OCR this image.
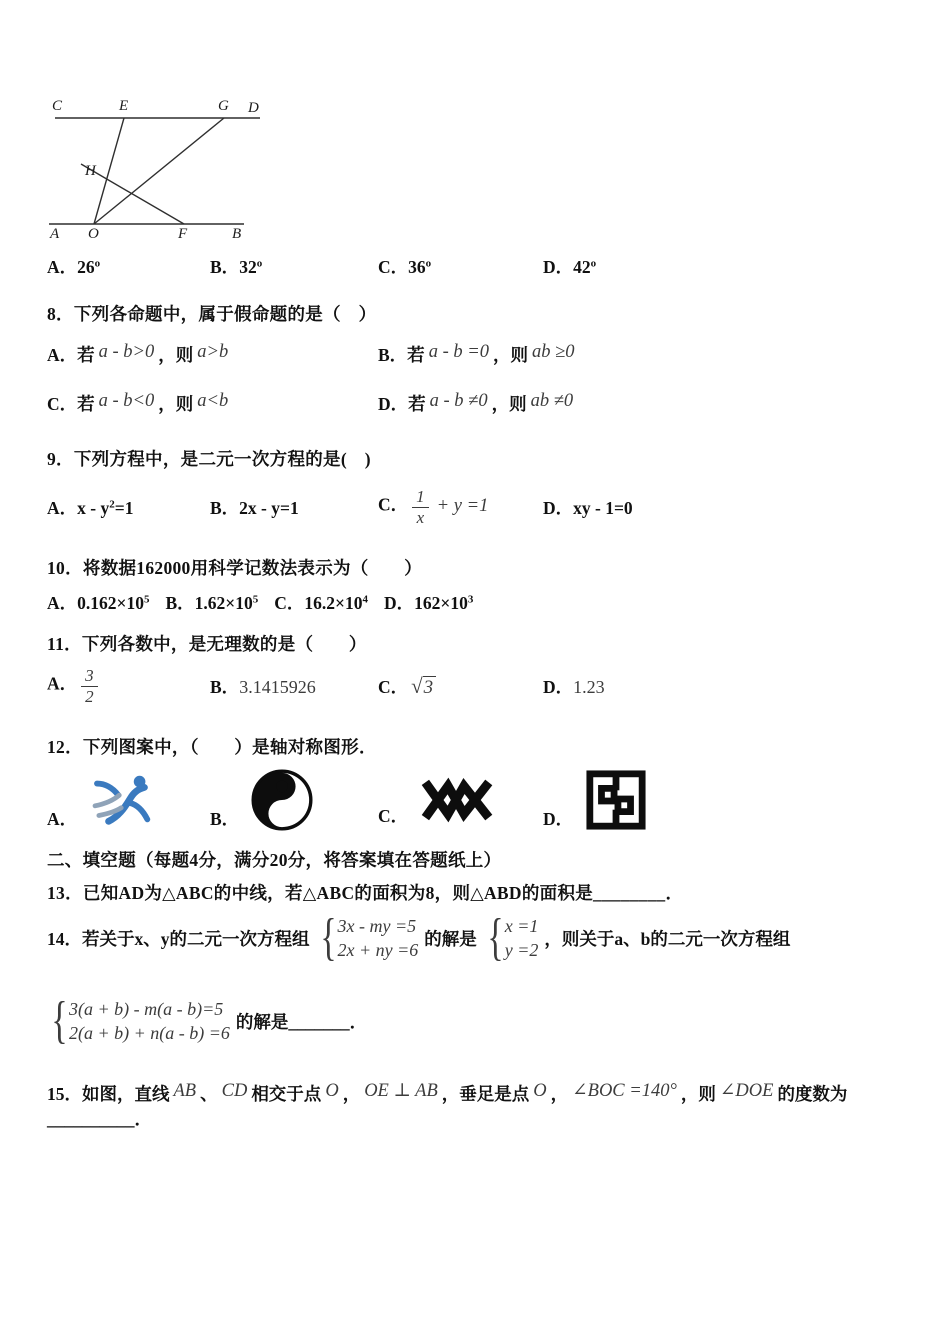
C	E	G D
H
A O	F	B
A．26$^o$	B．32$^o$	C．36$^o$	D．42$^o$
8．下列各命题中，属于假命题的是（　）
A．若 a - b>0 ，则 a>b	B．若 a - b =0 ，则 ab ≥0
C．若 a - b<0 ，则 a<b	D．若 a - b ≠0 ，则 ab ≠0
9．下列方程中，是二元一次方程的是(　)
A．$x - y^2=1$	B．2x - y=1	C． $\frac{1}{x} + y =1$	D．xy - 1=0
10．将数据162000用科学记数法表示为（　　）
A．$0.162\times 10^5$ B．$1.62\times 10^5$ C．$16.2\times 10^4$ D．$162\times 10^3$
11．下列各数中，是无理数的是（　　）
A． $\frac{3}{2}$	B．3.1415926	C． √3	D．1.23
12．下列图案中，（　　）是轴对称图形．
A．	B．	C．	D．
二、填空题（每题4分，满分20分，将答案填在答题纸上）
13．已知AD为△ABC的中线，若△ABC的面积为8，则△ABD的面积是________．
14．若关于x、y的二元一次方程组 { 3x - my =5
2x + ny =6
的解是 { x =1
y =2
，则关于a、b的二元一次方程组
{ 3(a + b) - m(a - b)=5
2(a + b) + n(a - b) =6
的解是_______．
15．如图，直线 AB 、 CD 相交于点 O ， OE ⊥ AB ，垂足是点 O ， ∠BOC =140° ，则 ∠DOE 的度数为__________．
